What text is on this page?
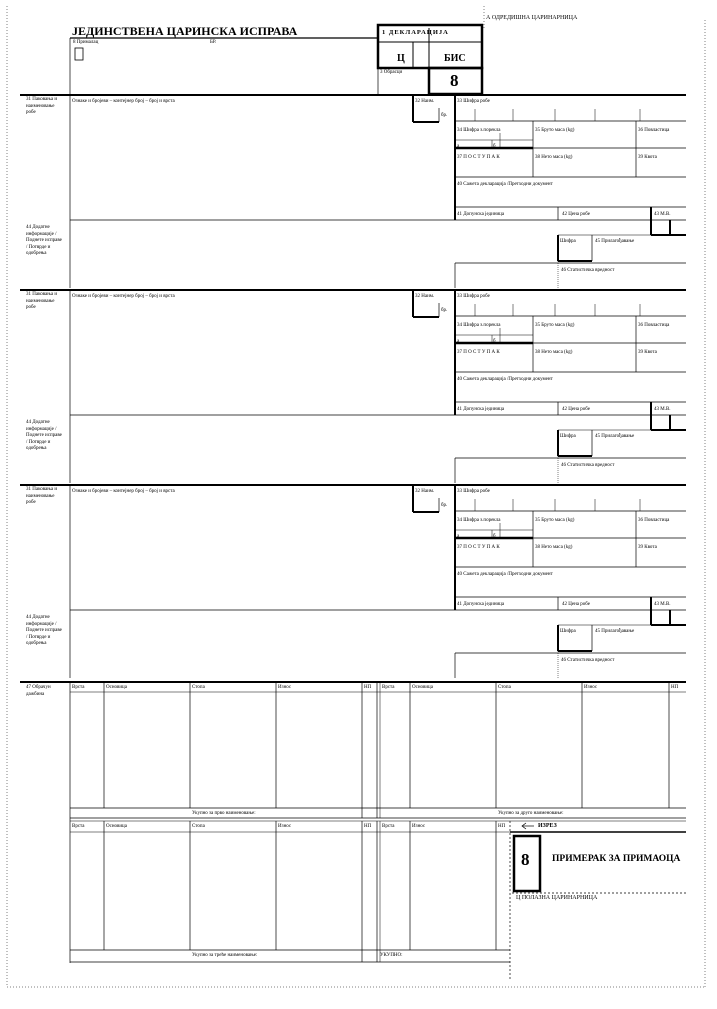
ЈЕДИНСТВЕНА ЦАРИНСКА ИСПРАВА
А ОДРЕДИШНА ЦАРИНАРНИЦА
8 Прималац	БР.
1 ДЕКЛАРАЦИЈА
Ц	БИС
3 Обрасци	8
31 Паковања и наименовање робе
Ознаке и бројеви – контејнер број – број и врста	32 Наим.
бр.
33 Шифра робе
34 Шифра з.порекла	35 Бруто маса (kg)	36 Повластица
а	б
37 П О С Т У П А К	38 Нето маса (kg)	39 Квота
40 Сажета декларација /Претходни документ
41 Допунска јединица	42 Цена робе	43 М.В.
44 Додатне информације / Поднете исправе / Потврде и одобрења
Шифра	45 Прилагођавање
46 Статистичка вредност
31 Паковања и наименовање робе
Ознаке и бројеви – контејнер број – број и врста	32 Наим.
бр.
33 Шифра робе
34 Шифра з.порекла	35 Бруто маса (kg)	36 Повластица
а	б
37 П О С Т У П А К	38 Нето маса (kg)	39 Квота
40 Сажета декларација /Претходни документ
41 Допунска јединица	42 Цена робе	43 М.В.
44 Додатне информације / Поднете исправе / Потврде и одобрења
Шифра	45 Прилагођавање
46 Статистичка вредност
31 Паковања и наименовање робе
Ознаке и бројеви – контејнер број – број и врста	32 Наим.
бр.
33 Шифра робе
34 Шифра з.порекла	35 Бруто маса (kg)	36 Повластица
а	б
37 П О С Т У П А К	38 Нето маса (kg)	39 Квота
40 Сажета декларација /Претходни документ
41 Допунска јединица	42 Цена робе	43 М.В.
44 Додатне информације / Поднете исправе / Потврде и одобрења
Шифра	45 Прилагођавање
46 Статистичка вредност
47 Обрачун дажбина
Врста	Основица	Стопа	Износ	НП Врста	Основица	Стопа	Износ	НП
Укупно за прво наименовање:	Укупно за друго наименовање:
Врста	Основица	Стопа	Износ	НП Врста	Износ	НП
Укупно за треће наименовање:	УКУПНО:
ИЗРЕЗ
8 ПРИМЕРАК ЗА ПРИМАОЦА
Ц ПОЛАЗНА ЦАРИНАРНИЦА
